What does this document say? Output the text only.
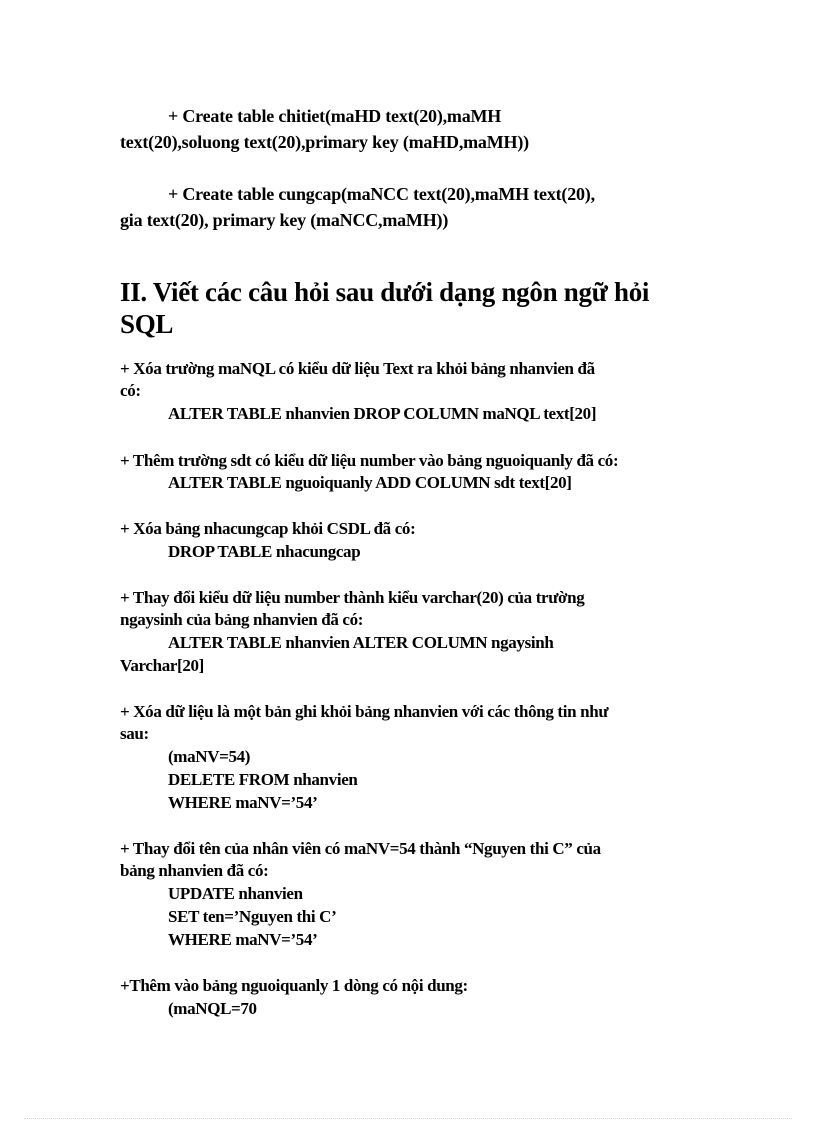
+ Create table chitiet(maHD text(20),maMH
text(20),soluong text(20),primary key (maHD,maMH))
+ Create table cungcap(maNCC text(20),maMH text(20),
gia text(20), primary key (maNCC,maMH))
II. Viết các câu hỏi sau dưới dạng ngôn ngữ hỏi
SQL
+ Xóa trường maNQL có kiểu dữ liệu Text ra khỏi bảng nhanvien đã
có:
ALTER TABLE nhanvien DROP COLUMN maNQL text[20]
+ Thêm trường sdt có kiểu dữ liệu number vào bảng nguoiquanly đã có:
ALTER TABLE nguoiquanly ADD COLUMN sdt text[20]
+ Xóa bảng nhacungcap khỏi CSDL đã có:
DROP TABLE nhacungcap
+ Thay đổi kiểu dữ liệu number thành kiểu varchar(20) của trường
ngaysinh của bảng nhanvien đã có:
ALTER TABLE nhanvien ALTER COLUMN ngaysinh
Varchar[20]
+ Xóa dữ liệu là một bản ghi khỏi bảng nhanvien với các thông tin như
sau:
(maNV=54)
DELETE FROM nhanvien
WHERE maNV=’54’
+ Thay đổi tên của nhân viên có maNV=54 thành “Nguyen thi C” của
bảng nhanvien đã có:
UPDATE nhanvien
SET ten=’Nguyen thi C’
WHERE maNV=’54’
+Thêm vào bảng nguoiquanly 1 dòng có nội dung:
(maNQL=70
